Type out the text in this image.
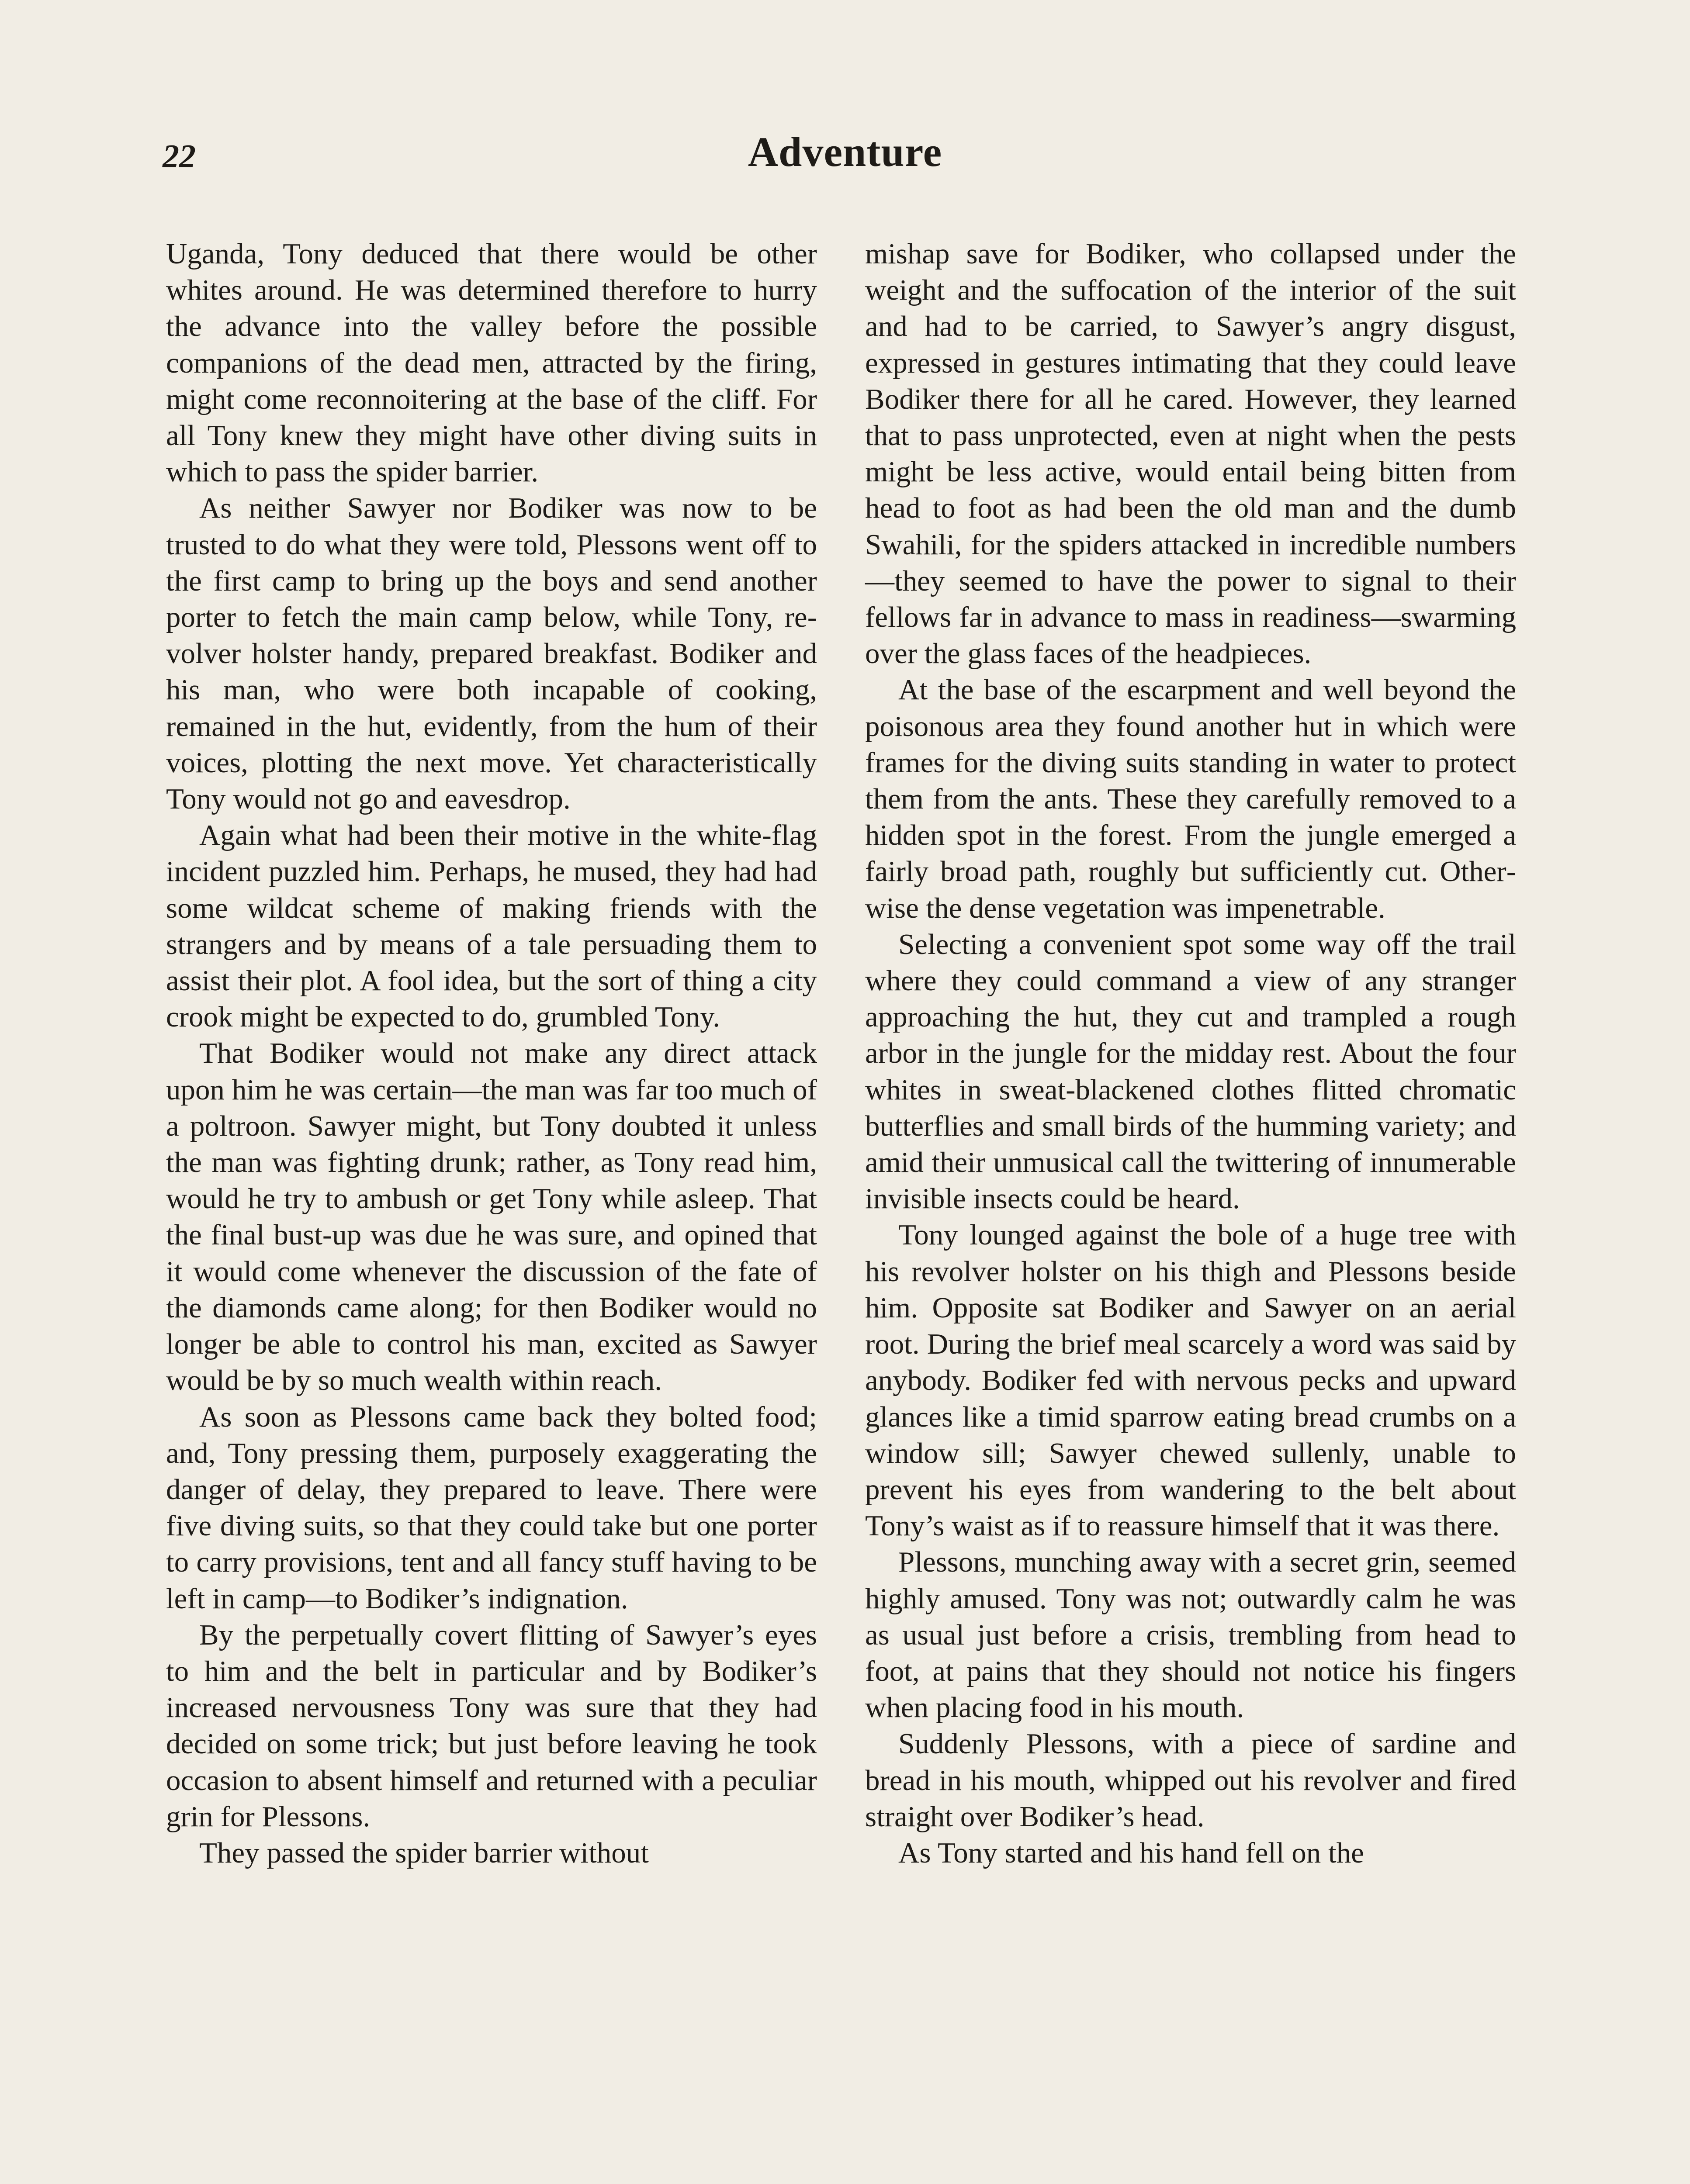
22	Adventure

Uganda, Tony deduced that there would be other whites around. He was determined therefore to hurry the advance into the valley before the possible companions of the dead men, attracted by the firing, might come reconnoitering at the base of the cliff. For all Tony knew they might have other diving suits in which to pass the spider barrier.

As neither Sawyer nor Bodiker was now to be trusted to do what they were told, Plessons went off to the first camp to bring up the boys and send another porter to fetch the main camp below, while Tony, revolver holster handy, prepared breakfast. Bodiker and his man, who were both incapable of cooking, remained in the hut, evidently, from the hum of their voices, plotting the next move. Yet characteristically Tony would not go and eavesdrop.

Again what had been their motive in the white-flag incident puzzled him. Perhaps, he mused, they had had some wildcat scheme of making friends with the strangers and by means of a tale persuading them to assist their plot. A fool idea, but the sort of thing a city crook might be expected to do, grumbled Tony.

That Bodiker would not make any direct attack upon him he was certain—the man was far too much of a poltroon. Sawyer might, but Tony doubted it unless the man was fighting drunk; rather, as Tony read him, would he try to ambush or get Tony while asleep. That the final bust-up was due he was sure, and opined that it would come whenever the discussion of the fate of the diamonds came along; for then Bodiker would no longer be able to control his man, excited as Sawyer would be by so much wealth within reach.

As soon as Plessons came back they bolted food; and, Tony pressing them, purposely exaggerating the danger of delay, they prepared to leave. There were five diving suits, so that they could take but one porter to carry provisions, tent and all fancy stuff having to be left in camp—to Bodiker’s indignation.

By the perpetually covert flitting of Sawyer’s eyes to him and the belt in particular and by Bodiker’s increased nervousness Tony was sure that they had decided on some trick; but just before leaving he took occasion to absent himself and returned with a peculiar grin for Plessons.

They passed the spider barrier without

mishap save for Bodiker, who collapsed under the weight and the suffocation of the interior of the suit and had to be carried, to Sawyer’s angry disgust, expressed in gestures intimating that they could leave Bodiker there for all he cared. However, they learned that to pass unprotected, even at night when the pests might be less active, would entail being bitten from head to foot as had been the old man and the dumb Swahili, for the spiders attacked in incredible numbers—they seemed to have the power to signal to their fellows far in advance to mass in readiness—swarming over the glass faces of the headpieces.

At the base of the escarpment and well beyond the poisonous area they found another hut in which were frames for the diving suits standing in water to protect them from the ants. These they carefully removed to a hidden spot in the forest. From the jungle emerged a fairly broad path, roughly but sufficiently cut. Otherwise the dense vegetation was impenetrable.

Selecting a convenient spot some way off the trail where they could command a view of any stranger approaching the hut, they cut and trampled a rough arbor in the jungle for the midday rest. About the four whites in sweat-blackened clothes flitted chromatic butterflies and small birds of the humming variety; and amid their unmusical call the twittering of innumerable invisible insects could be heard.

Tony lounged against the bole of a huge tree with his revolver holster on his thigh and Plessons beside him. Opposite sat Bodiker and Sawyer on an aerial root. During the brief meal scarcely a word was said by anybody. Bodiker fed with nervous pecks and upward glances like a timid sparrow eating bread crumbs on a window sill; Sawyer chewed sullenly, unable to prevent his eyes from wandering to the belt about Tony’s waist as if to reassure himself that it was there.

Plessons, munching away with a secret grin, seemed highly amused. Tony was not; outwardly calm he was as usual just before a crisis, trembling from head to foot, at pains that they should not notice his fingers when placing food in his mouth.

Suddenly Plessons, with a piece of sardine and bread in his mouth, whipped out his revolver and fired straight over Bodiker’s head.

As Tony started and his hand fell on the
